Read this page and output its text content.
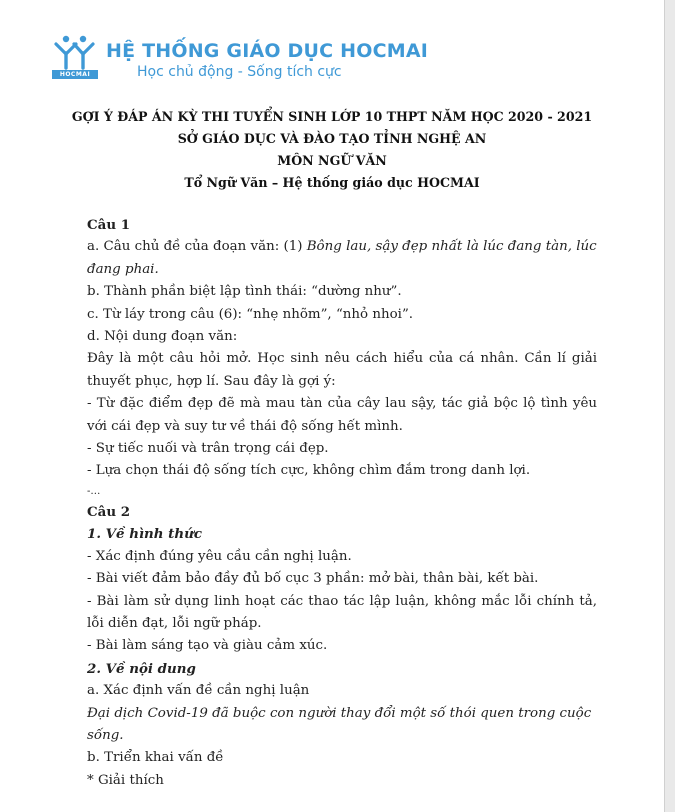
HOCMAI
HỆ THỐNG GIÁO DỤC HOCMAI
Học chủ động - Sống tích cực
GỢI Ý ĐÁP ÁN KỲ THI TUYỂN SINH LỚP 10 THPT NĂM HỌC 2020 - 2021
SỞ GIÁO DỤC VÀ ĐÀO TẠO TỈNH NGHỆ AN
MÔN NGỮ VĂN
Tổ Ngữ Văn – Hệ thống giáo dục HOCMAI

Câu 1

a. Câu chủ đề của đoạn văn: (1) Bông lau, sậy đẹp nhất là lúc đang tàn, lúc đang phai.

b. Thành phần biệt lập tình thái: “dường như”.

c. Từ láy trong câu (6): “nhẹ nhõm”, “nhỏ nhoi”.

d. Nội dung đoạn văn:

Đây là một câu hỏi mở. Học sinh nêu cách hiểu của cá nhân. Cần lí giải thuyết phục, hợp lí. Sau đây là gợi ý:

- Từ đặc điểm đẹp đẽ mà mau tàn của cây lau sậy, tác giả bộc lộ tình yêu với cái đẹp và suy tư về thái độ sống hết mình.

- Sự tiếc nuối và trân trọng cái đẹp.

- Lựa chọn thái độ sống tích cực, không chìm đắm trong danh lợi.

-…

Câu 2

1. Về hình thức

- Xác định đúng yêu cầu cần nghị luận.

- Bài viết đảm bảo đầy đủ bố cục 3 phần: mở bài, thân bài, kết bài.

- Bài làm sử dụng linh hoạt các thao tác lập luận, không mắc lỗi chính tả, lỗi diễn đạt, lỗi ngữ pháp.

- Bài làm sáng tạo và giàu cảm xúc.

2. Về nội dung

a. Xác định vấn đề cần nghị luận

Đại dịch Covid-19 đã buộc con người thay đổi một số thói quen trong cuộc sống.

b. Triển khai vấn đề

* Giải thích
